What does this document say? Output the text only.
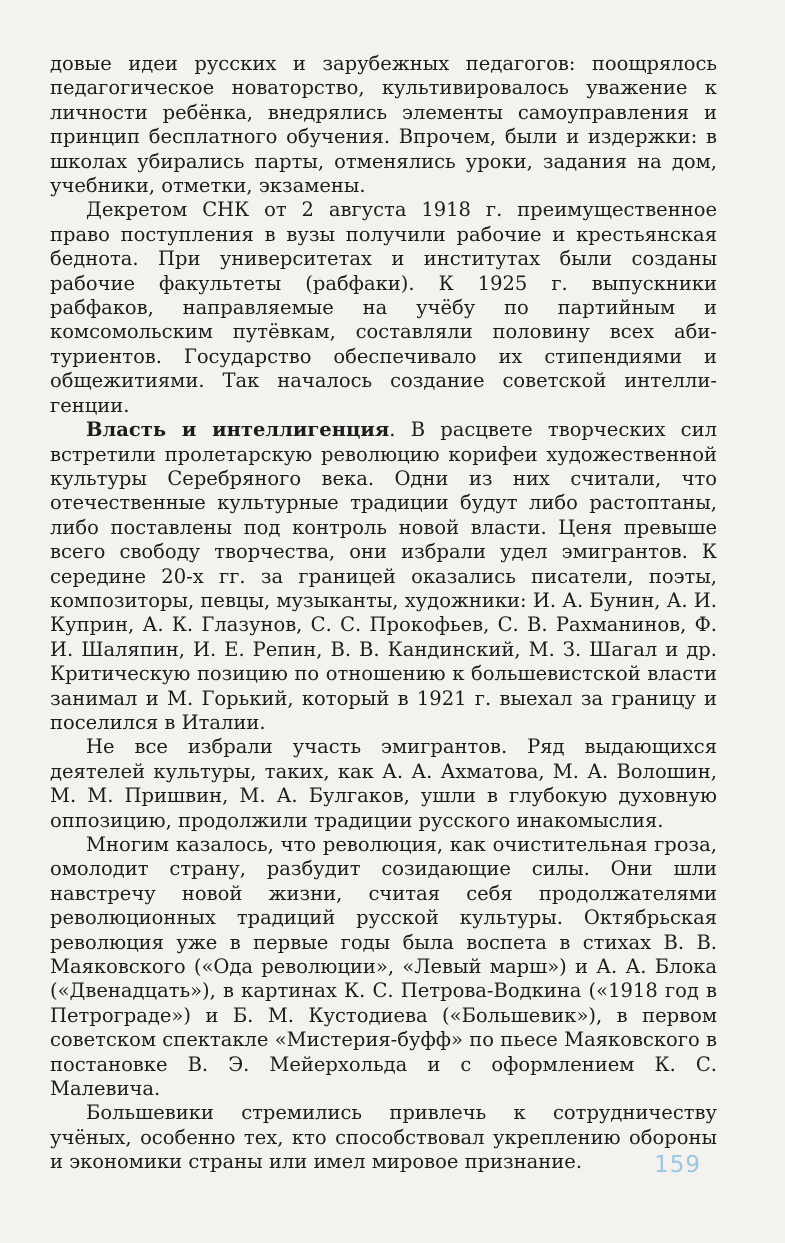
довые идеи русских и зарубежных педагогов: поощрялось педагогическое новаторство, культивировалось уважение к личности ребёнка, внедрялись элементы самоуправления и принцип бесплатного обучения. Впрочем, были и издержки: в школах убирались парты, отменялись уроки, задания на дом, учебники, отметки, экзамены.

Декретом СНК от 2 августа 1918 г. преимущественное право поступления в вузы получили рабочие и крестьянская беднота. При университетах и институтах были созданы рабочие факультеты (рабфаки). К 1925 г. выпускники рабфаков, направляемые на учёбу по партийным и комсомольским путёвкам, составляли половину всех абитуриентов. Государство обеспечивало их стипендиями и общежитиями. Так началось создание советской интеллигенции.

Власть и интеллигенция. В расцвете творческих сил встретили пролетарскую революцию корифеи художественной культуры Серебряного века. Одни из них считали, что отечественные культурные традиции будут либо растоптаны, либо поставлены под контроль новой власти. Ценя превыше всего свободу творчества, они избрали удел эмигрантов. К середине 20-х гг. за границей оказались писатели, поэты, композиторы, певцы, музыканты, художники: И. А. Бунин, А. И. Куприн, А. К. Глазунов, С. С. Прокофьев, С. В. Рахманинов, Ф. И. Шаляпин, И. Е. Репин, В. В. Кандинский, М. З. Шагал и др. Критическую позицию по отношению к большевистской власти занимал и М. Горький, который в 1921 г. выехал за границу и поселился в Италии.

Не все избрали участь эмигрантов. Ряд выдающихся деятелей культуры, таких, как А. А. Ахматова, М. А. Волошин, М. М. Пришвин, М. А. Булгаков, ушли в глубокую духовную оппозицию, продолжили традиции русского инакомыслия.

Многим казалось, что революция, как очистительная гроза, омолодит страну, разбудит созидающие силы. Они шли навстречу новой жизни, считая себя продолжателями революционных традиций русской культуры. Октябрьская революция уже в первые годы была воспета в стихах В. В. Маяковского («Ода революции», «Левый марш») и А. А. Блока («Двенадцать»), в картинах К. С. Петрова-Водкина («1918 год в Петрограде») и Б. М. Кустодиева («Большевик»), в первом советском спектакле «Мистерия-буфф» по пьесе Маяковского в постановке В. Э. Мейерхольда и с оформлением К. С. Малевича.

Большевики стремились привлечь к сотрудничеству учёных, особенно тех, кто способствовал укреплению обороны и экономики страны или имел мировое признание.	159
